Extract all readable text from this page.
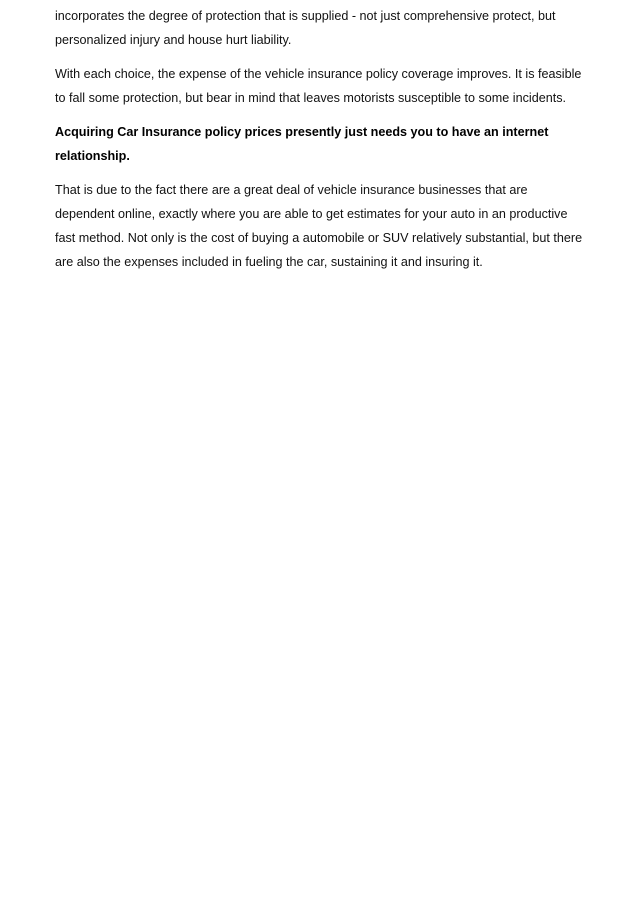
incorporates the degree of protection that is supplied - not just comprehensive protect, but personalized injury and house hurt liability.

With each choice, the expense of the vehicle insurance policy coverage improves. It is feasible to fall some protection, but bear in mind that leaves motorists susceptible to some incidents.

Acquiring Car Insurance policy prices presently just needs you to have an internet relationship.

That is due to the fact there are a great deal of vehicle insurance businesses that are dependent online, exactly where you are able to get estimates for your auto in an productive fast method. Not only is the cost of buying a automobile or SUV relatively substantial, but there are also the expenses included in fueling the car, sustaining it and insuring it.
